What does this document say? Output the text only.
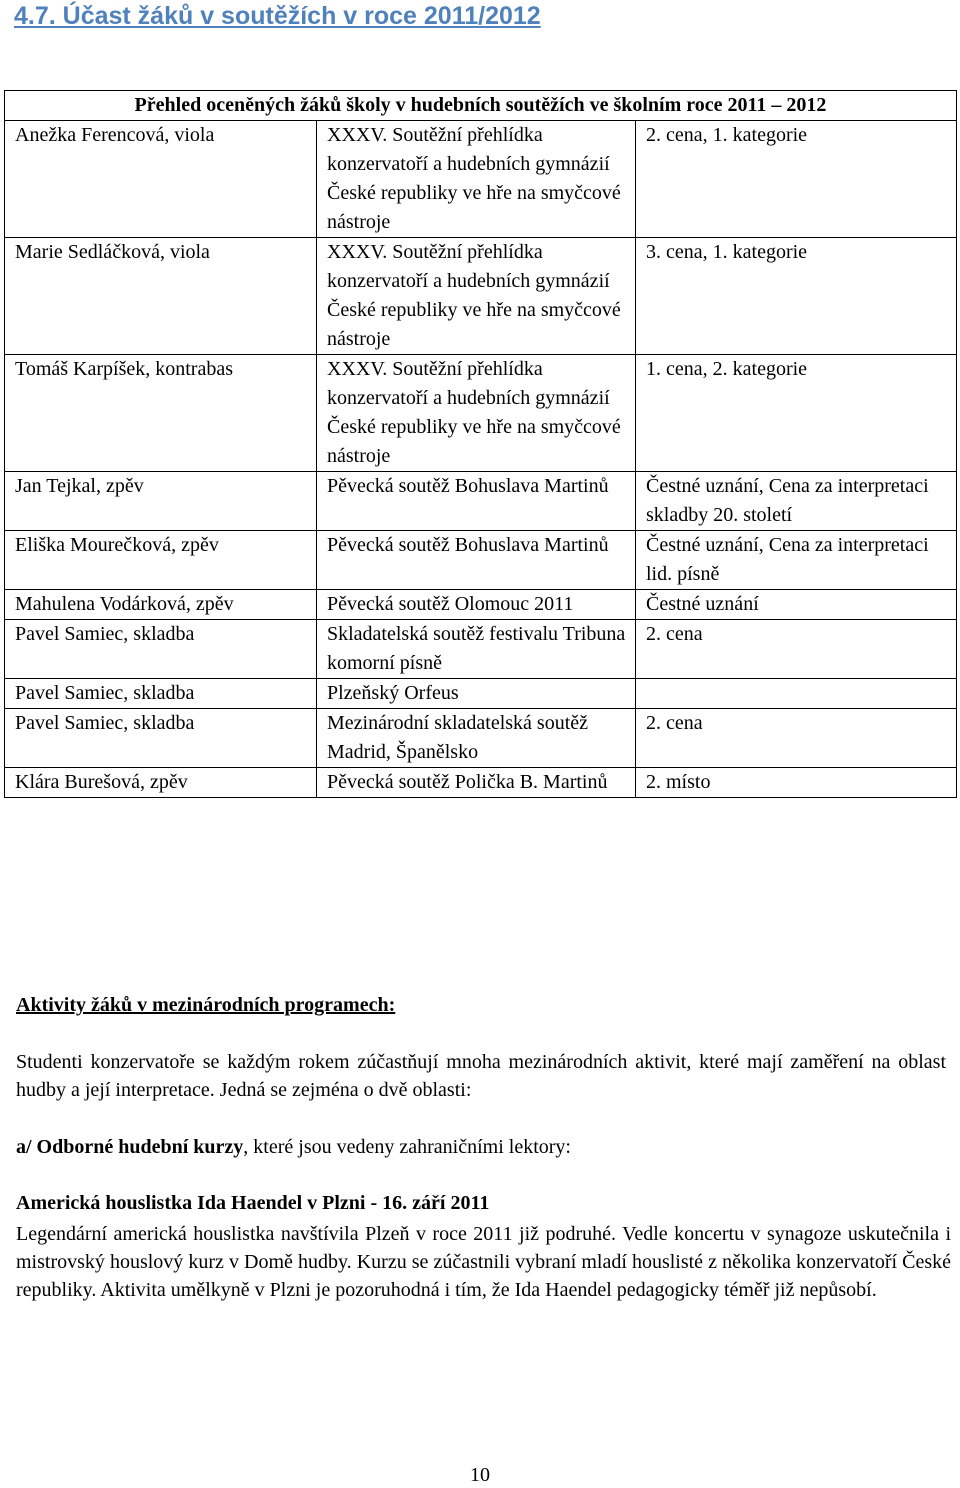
4.7. Účast žáků v soutěžích v roce 2011/2012
Přehled oceněných žáků školy v hudebních soutěžích ve školním roce 2011 – 2012		
Anežka Ferencová, viola	XXXV. Soutěžní přehlídka konzervatoří a hudebních gymnázií České republiky ve hře na smyčcové nástroje	2. cena, 1. kategorie
Marie Sedláčková, viola	XXXV. Soutěžní přehlídka konzervatoří a hudebních gymnázií České republiky ve hře na smyčcové nástroje	3. cena, 1. kategorie
Tomáš Karpíšek, kontrabas	XXXV. Soutěžní přehlídka konzervatoří a hudebních gymnázií České republiky ve hře na smyčcové nástroje	1. cena, 2. kategorie
Jan Tejkal, zpěv	Pěvecká soutěž Bohuslava Martinů	Čestné uznání, Cena za interpretaci skladby 20. století
Eliška Mourečková, zpěv	Pěvecká soutěž Bohuslava Martinů	Čestné uznání, Cena za interpretaci lid. písně
Mahulena Vodárková, zpěv	Pěvecká soutěž Olomouc 2011	Čestné uznání
Pavel Samiec, skladba	Skladatelská soutěž festivalu Tribuna komorní písně	2. cena
Pavel Samiec, skladba	Plzeňský Orfeus	
Pavel Samiec, skladba	Mezinárodní skladatelská soutěž Madrid, Španělsko	2. cena
Klára Burešová, zpěv	Pěvecká soutěž Polička B. Martinů	2. místo
Aktivity žáků v mezinárodních programech:
Studenti konzervatoře se každým rokem zúčastňují mnoha mezinárodních aktivit, které mají zaměření na oblast hudby a její interpretace. Jedná se zejména o dvě oblasti:
a/ Odborné hudební kurzy, které jsou vedeny zahraničními lektory:
Americká houslistka Ida Haendel v Plzni - 16. září 2011
Legendární americká houslistka navštívila Plzeň v roce 2011 již podruhé. Vedle koncertu v synagoze uskutečnila i mistrovský houslový kurz v Domě hudby. Kurzu se zúčastnili vybraní mladí houslisté z několika konzervatoří České republiky. Aktivita umělkyně v Plzni je pozoruhodná i tím, že Ida Haendel pedagogicky téměř již nepůsobí.
10
